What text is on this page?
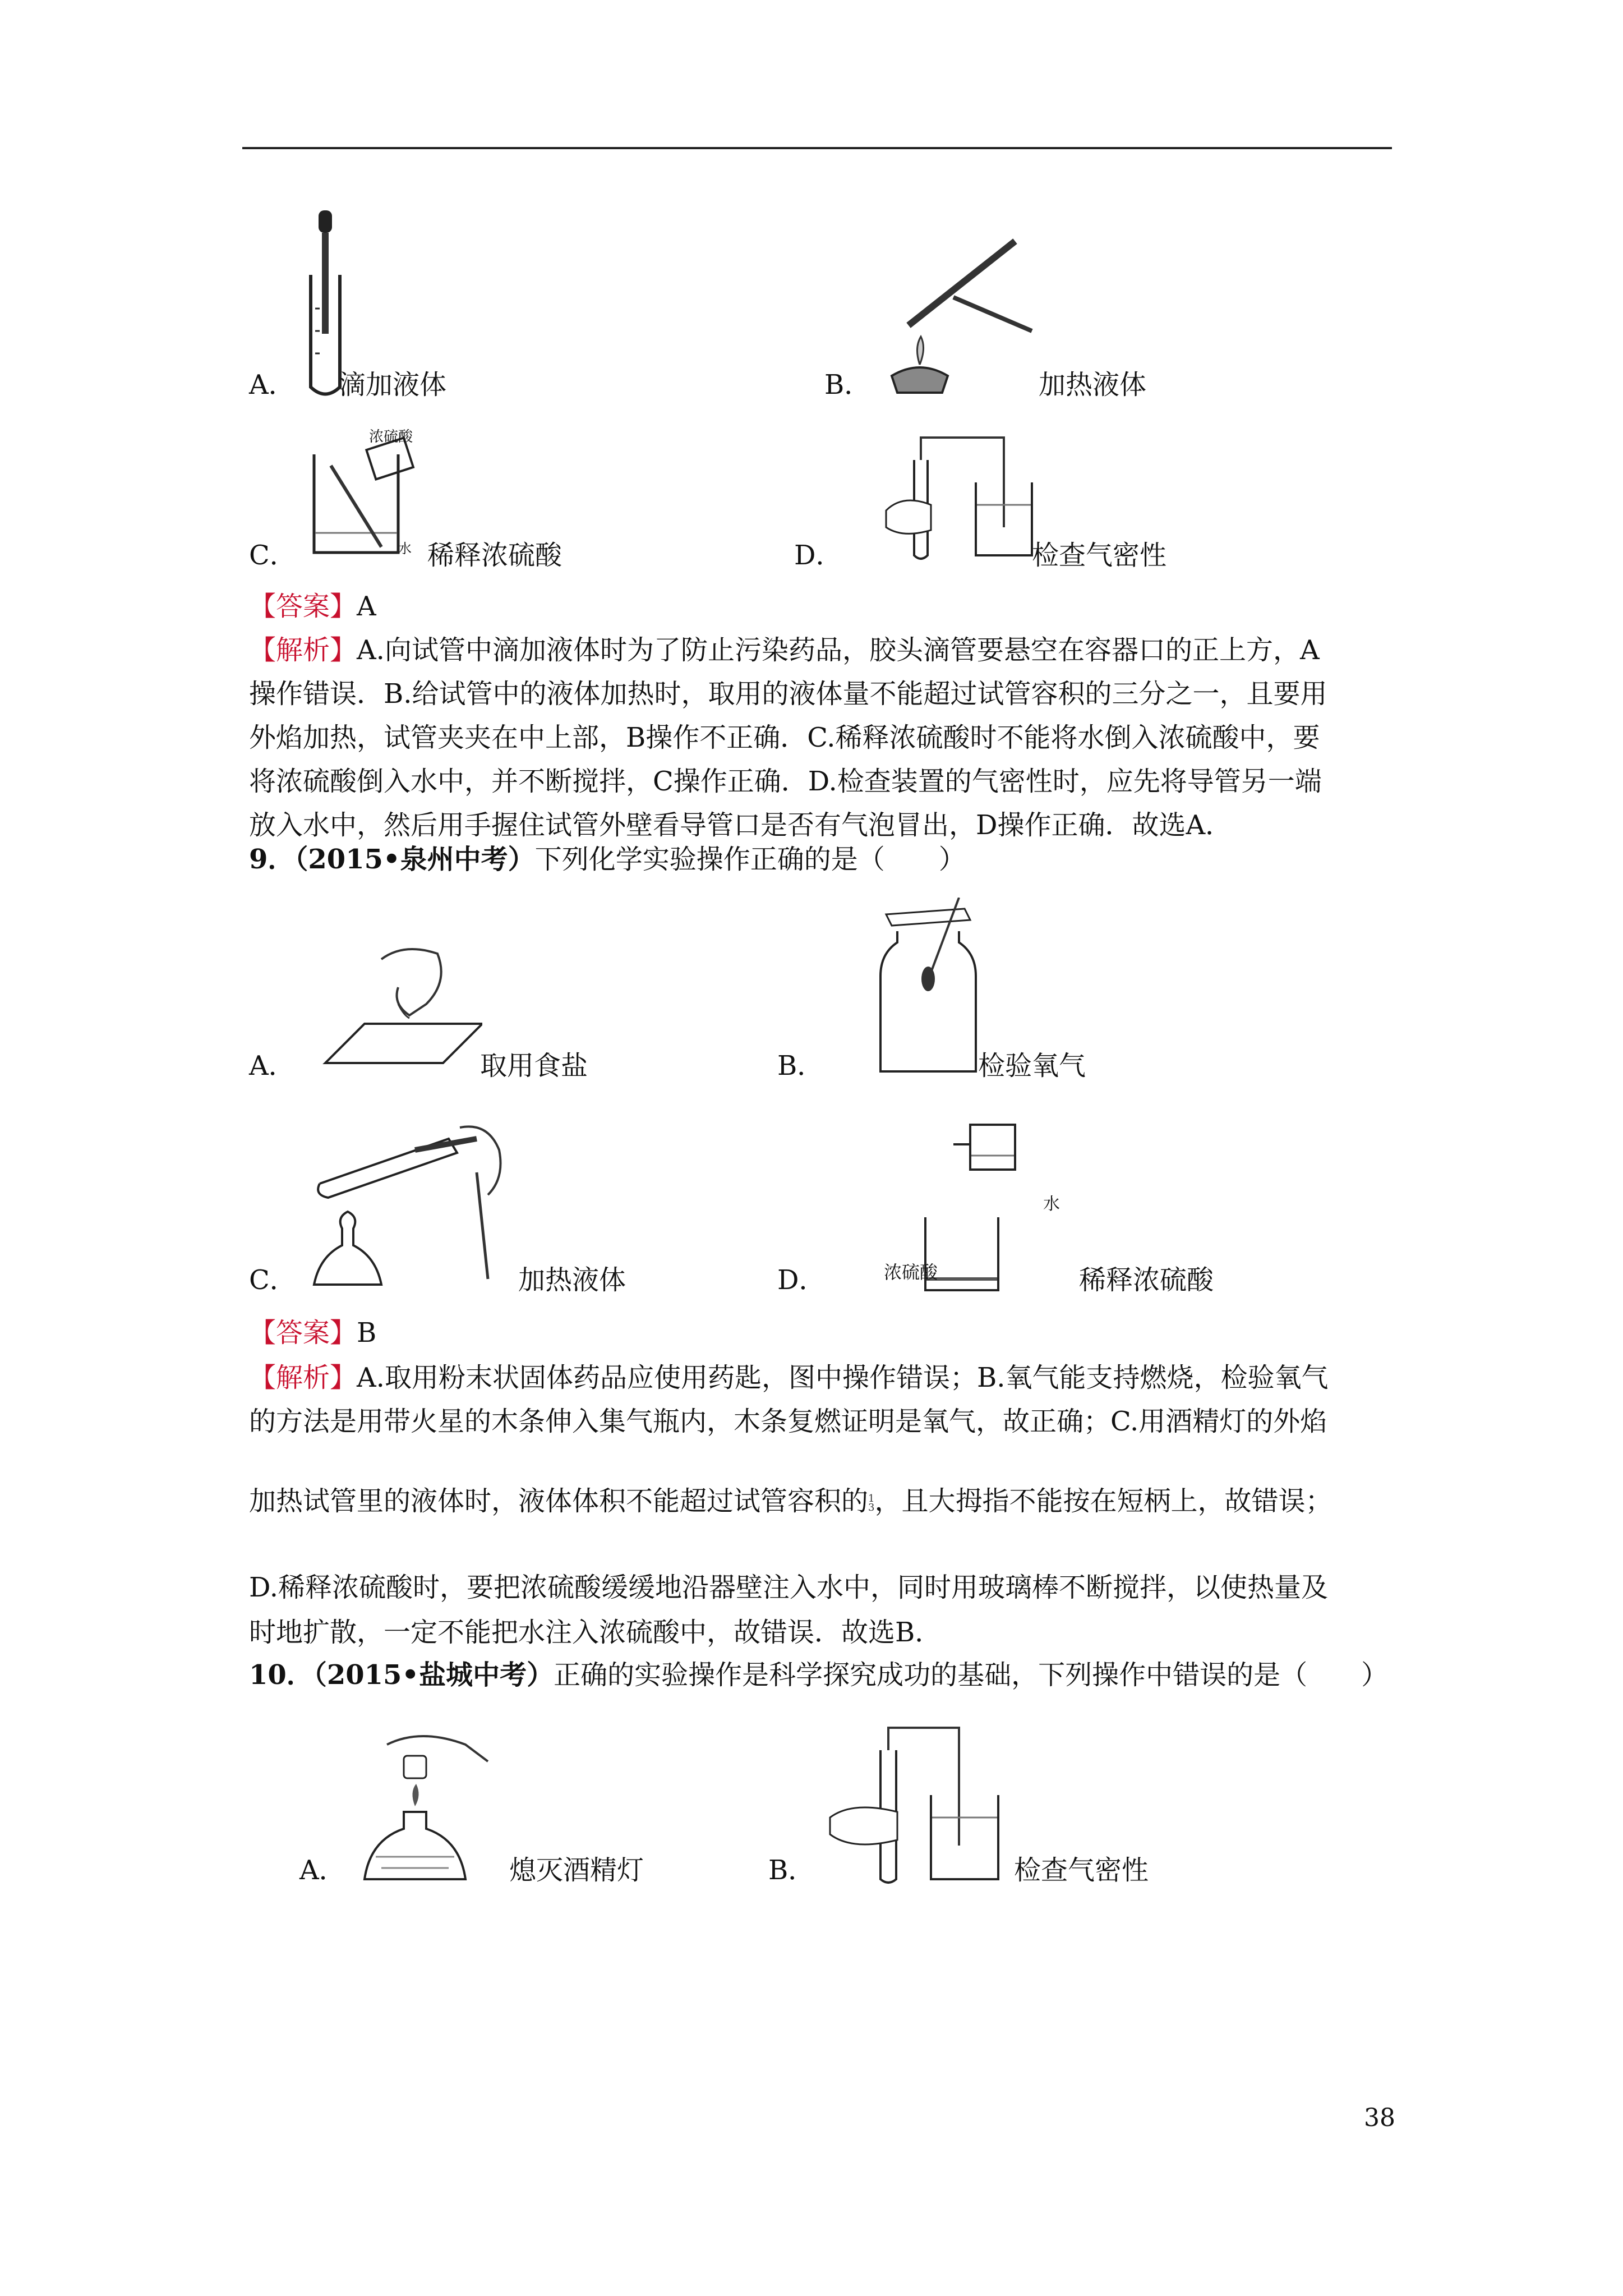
A． 滴加液体	B．	加热液体
浓硫酸
水
C．	稀释浓硫酸	D．	检查气密性

【答案】A

【解析】A.向试管中滴加液体时为了防止污染药品，胶头滴管要悬空在容器口的正上方，A

操作错误．B.给试管中的液体加热时，取用的液体量不能超过试管容积的三分之一，且要用

外焰加热，试管夹夹在中上部，B操作不正确．C.稀释浓硫酸时不能将水倒入浓硫酸中，要

将浓硫酸倒入水中，并不断搅拌，C操作正确．D.检查装置的气密性时，应先将导管另一端

放入水中，然后用手握住试管外壁看导管口是否有气泡冒出，D操作正确．故选A．

9．（2015•泉州中考）下列化学实验操作正确的是（　　）
A．	取用食盐	B．	检验氧气
C．	加热液体
水
浓硫酸
D．	稀释浓硫酸
【答案】B
【解析】A.取用粉末状固体药品应使用药匙，图中操作错误；B.氧气能支持燃烧，检验氧气
的方法是用带火星的木条伸入集气瓶内，木条复燃证明是氧气，故正确；C.用酒精灯的外焰
加热试管里的液体时，液体体积不能超过试管容积的1
3，且大拇指不能按在短柄上，故错误；
D.稀释浓硫酸时，要把浓硫酸缓缓地沿器壁注入水中，同时用玻璃棒不断搅拌，以使热量及
时地扩散，一定不能把水注入浓硫酸中，故错误．故选B．
10．（2015•盐城中考）正确的实验操作是科学探究成功的基础，下列操作中错误的是（　　）
A．	熄灭酒精灯	B．	检查气密性
38
